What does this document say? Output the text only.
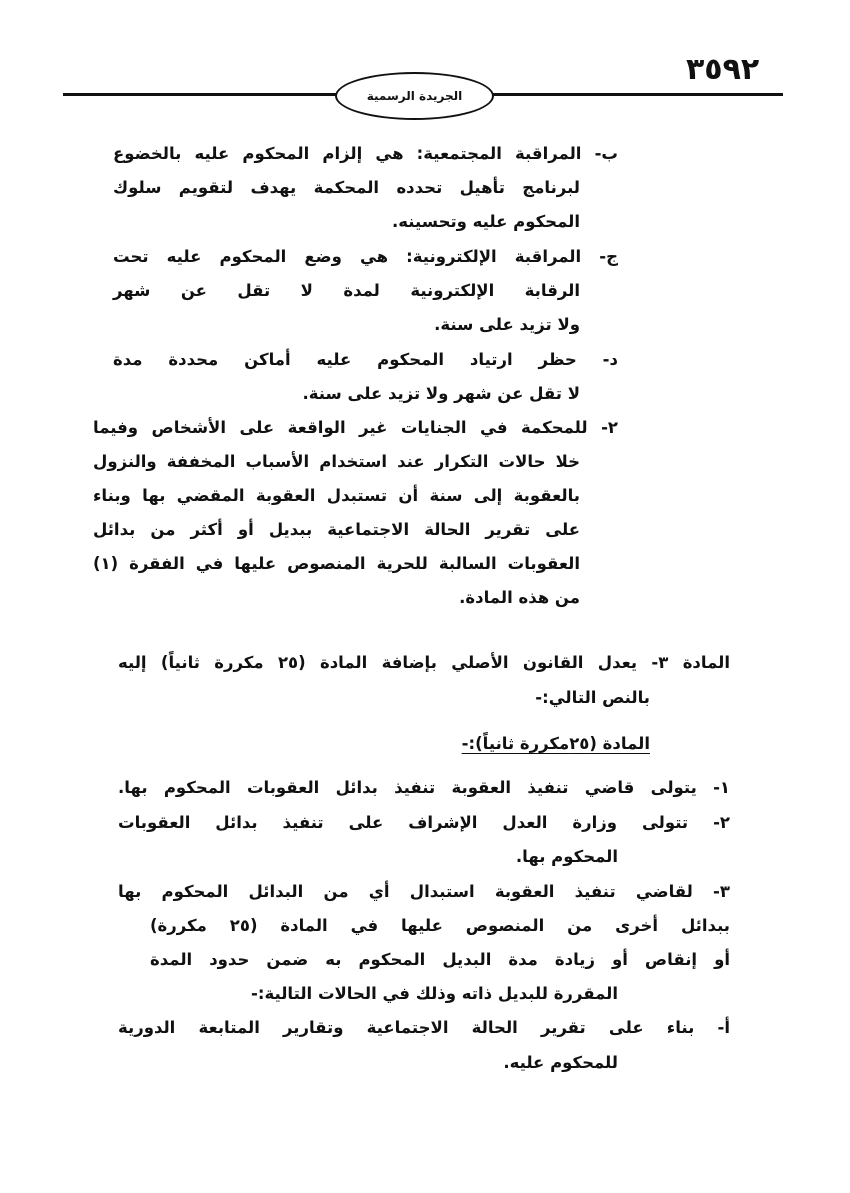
٣٥٩٢
الجريدة الرسمية
ب- المراقبة المجتمعية: هي إلزام المحكوم عليه بالخضوع
لبرنامج تأهيل تحدده المحكمة يهدف لتقويم سلوك
المحكوم عليه وتحسينه.
ج- المراقبة الإلكترونية: هي وضع المحكوم عليه تحت
الرقابة الإلكترونية لمدة لا تقل عن شهر
ولا تزيد على سنة.
د- حظر ارتياد المحكوم عليه أماكن محددة مدة
لا تقل عن شهر ولا تزيد على سنة.
٢- للمحكمة في الجنايات غير الواقعة على الأشخاص وفيما
خلا حالات التكرار عند استخدام الأسباب المخففة والنزول
بالعقوبة إلى سنة أن تستبدل العقوبة المقضي بها وبناء
على تقرير الحالة الاجتماعية ببديل أو أكثر من بدائل
العقوبات السالبة للحرية المنصوص عليها في الفقرة (١)
من هذه المادة.
المادة ٣- يعدل القانون الأصلي بإضافة المادة (٢٥ مكررة ثانياً) إليه
بالنص التالي:-
المادة (٢٥مكررة ثانياً):-
١- يتولى قاضي تنفيذ العقوبة تنفيذ بدائل العقوبات المحكوم بها.
٢- تتولى وزارة العدل الإشراف على تنفيذ بدائل العقوبات
المحكوم بها.
٣- لقاضي تنفيذ العقوبة استبدال أي من البدائل المحكوم بها
ببدائل أخرى من المنصوص عليها في المادة (٢٥ مكررة)
أو إنقاص أو زيادة مدة البديل المحكوم به ضمن حدود المدة
المقررة للبديل ذاته وذلك في الحالات التالية:-
أ- بناء على تقرير الحالة الاجتماعية وتقارير المتابعة الدورية
للمحكوم عليه.
